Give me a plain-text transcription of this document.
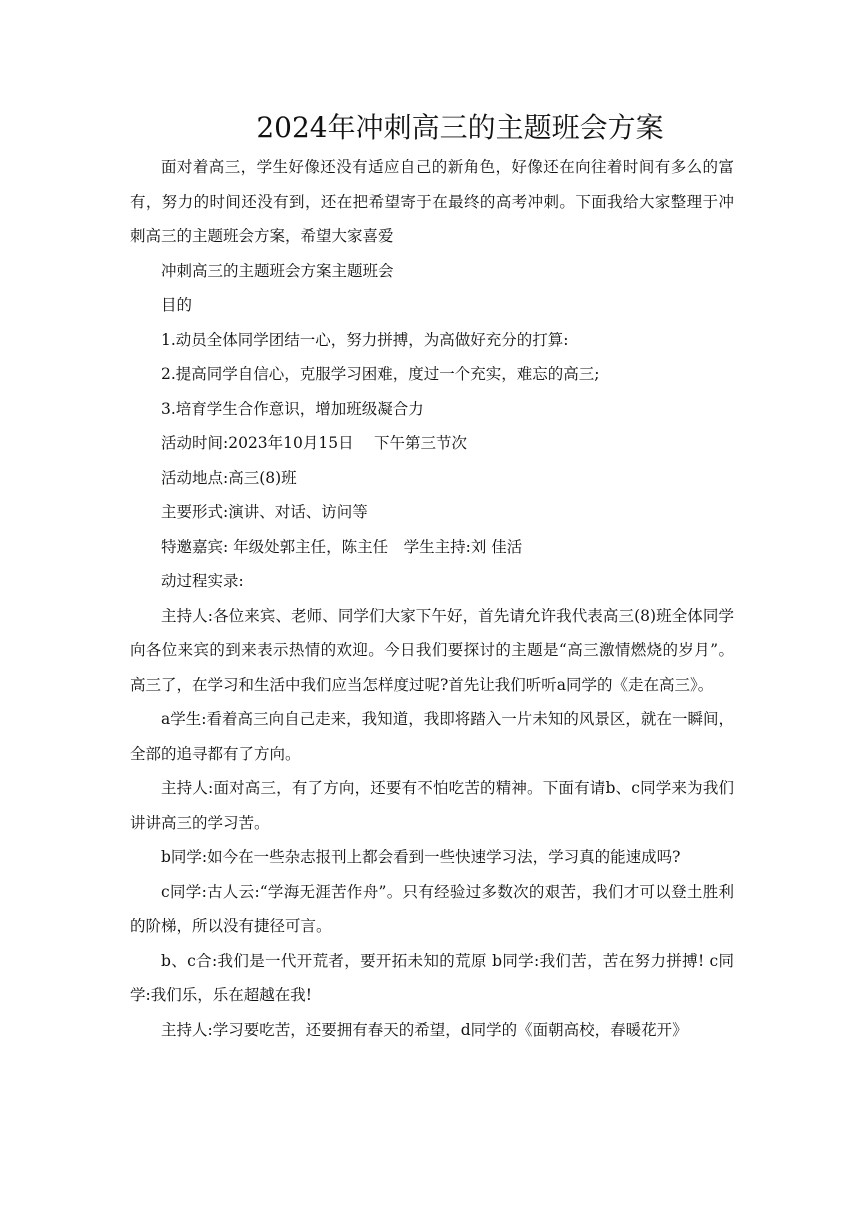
2024年冲刺高三的主题班会方案

面对着高三，学生好像还没有适应自己的新角色，好像还在向往着时间有多么的富有，努力的时间还没有到，还在把希望寄于在最终的高考冲刺。下面我给大家整理于冲刺高三的主题班会方案，希望大家喜爱

冲刺高三的主题班会方案主题班会

目的

1.动员全体同学团结一心，努力拼搏，为高做好充分的打算:

2.提高同学自信心，克服学习困难，度过一个充实，难忘的高三;

3.培育学生合作意识，增加班级凝合力

活动时间:2023年10月15日　 下午第三节次

活动地点:高三(8)班

主要形式:演讲、对话、访问等

特邀嘉宾: 年级处郭主任，陈主任　学生主持:刘 佳活

动过程实录:

主持人:各位来宾、老师、同学们大家下午好，首先请允许我代表高三(8)班全体同学向各位来宾的到来表示热情的欢迎。今日我们要探讨的主题是“高三激情燃烧的岁月”。高三了，在学习和生活中我们应当怎样度过呢?首先让我们听听a同学的《走在高三》。

a学生:看着高三向自己走来，我知道，我即将踏入一片未知的风景区，就在一瞬间，全部的追寻都有了方向。

主持人:面对高三，有了方向，还要有不怕吃苦的精神。下面有请b、c同学来为我们讲讲高三的学习苦。

b同学:如今在一些杂志报刊上都会看到一些快速学习法，学习真的能速成吗?

c同学:古人云:“学海无涯苦作舟”。只有经验过多数次的艰苦，我们才可以登土胜利的阶梯，所以没有捷径可言。

b、c合:我们是一代开荒者，要开拓未知的荒原 b同学:我们苦，苦在努力拼搏! c同学:我们乐，乐在超越在我!

主持人:学习要吃苦，还要拥有春天的希望，d同学的《面朝高校，春暖花开》
